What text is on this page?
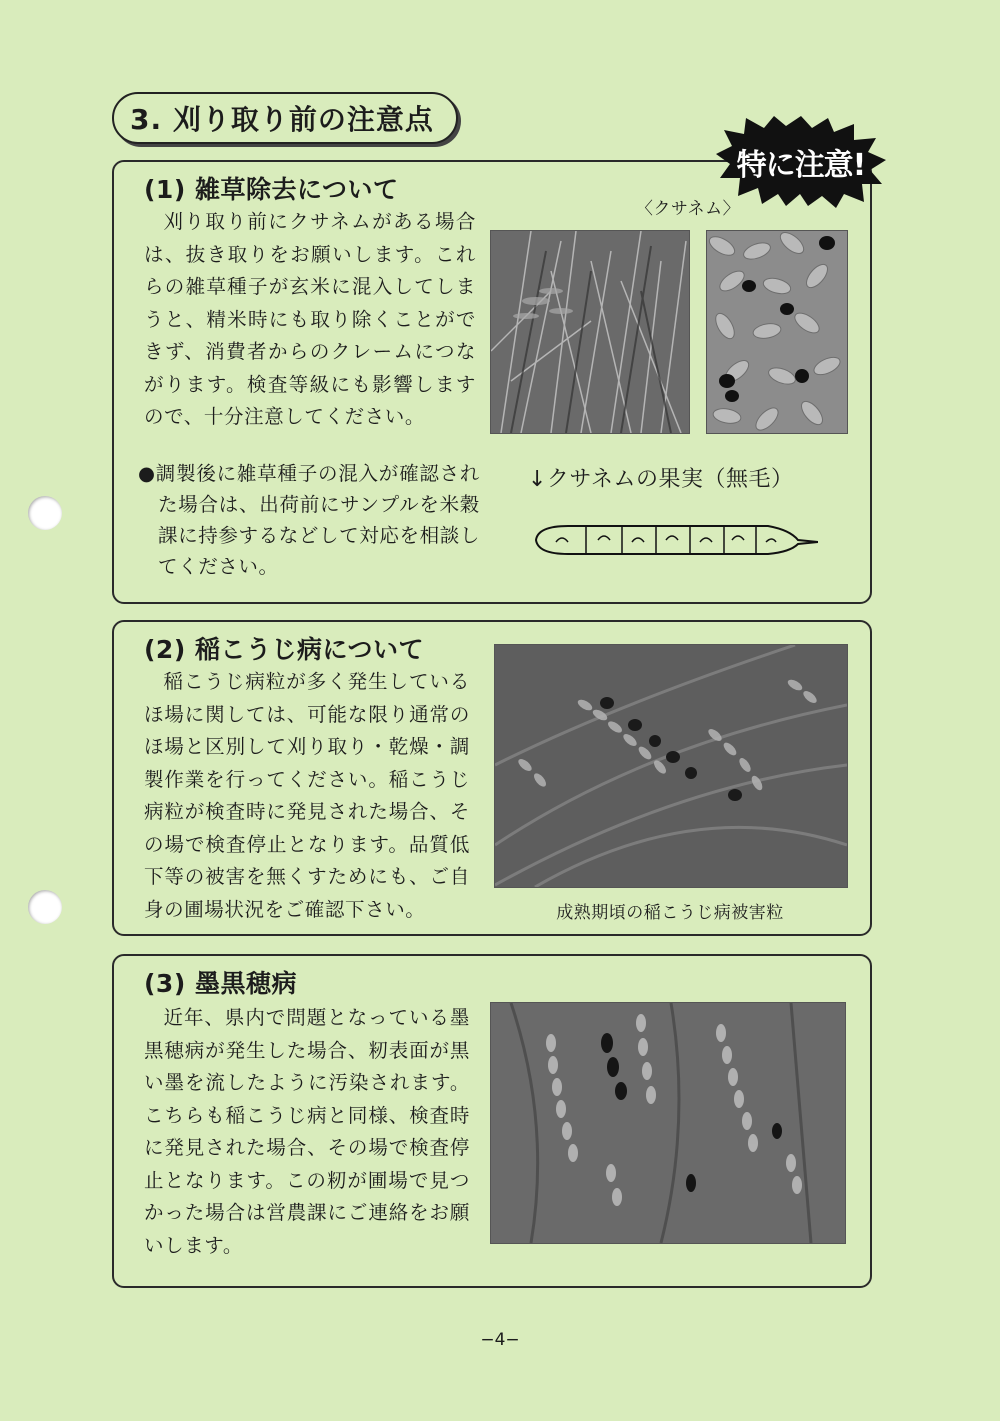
3. 刈り取り前の注意点
(1) 雑草除去について

刈り取り前にクサネムがある場合は、抜き取りをお願いします。これらの雑草種子が玄米に混入してしまうと、精米時にも取り除くことができず、消費者からのクレームにつながります。検査等級にも影響しますので、十分注意してください。

●調製後に雑草種子の混入が確認された場合は、出荷前にサンプルを米穀課に持参するなどして対応を相談してください。

〈クサネム〉
↓クサネムの果実（無毛）
特に注意!
(2) 稲こうじ病について

稲こうじ病粒が多く発生しているほ場に関しては、可能な限り通常のほ場と区別して刈り取り・乾燥・調製作業を行ってください。稲こうじ病粒が検査時に発見された場合、その場で検査停止となります。品質低下等の被害を無くすためにも、ご自身の圃場状況をご確認下さい。	成熟期頃の稲こうじ病被害粒
(3) 墨黒穂病

近年、県内で問題となっている墨黒穂病が発生した場合、籾表面が黒い墨を流したように汚染されます。こちらも稲こうじ病と同様、検査時に発見された場合、その場で検査停止となります。この籾が圃場で見つかった場合は営農課にご連絡をお願いします。

−4−
